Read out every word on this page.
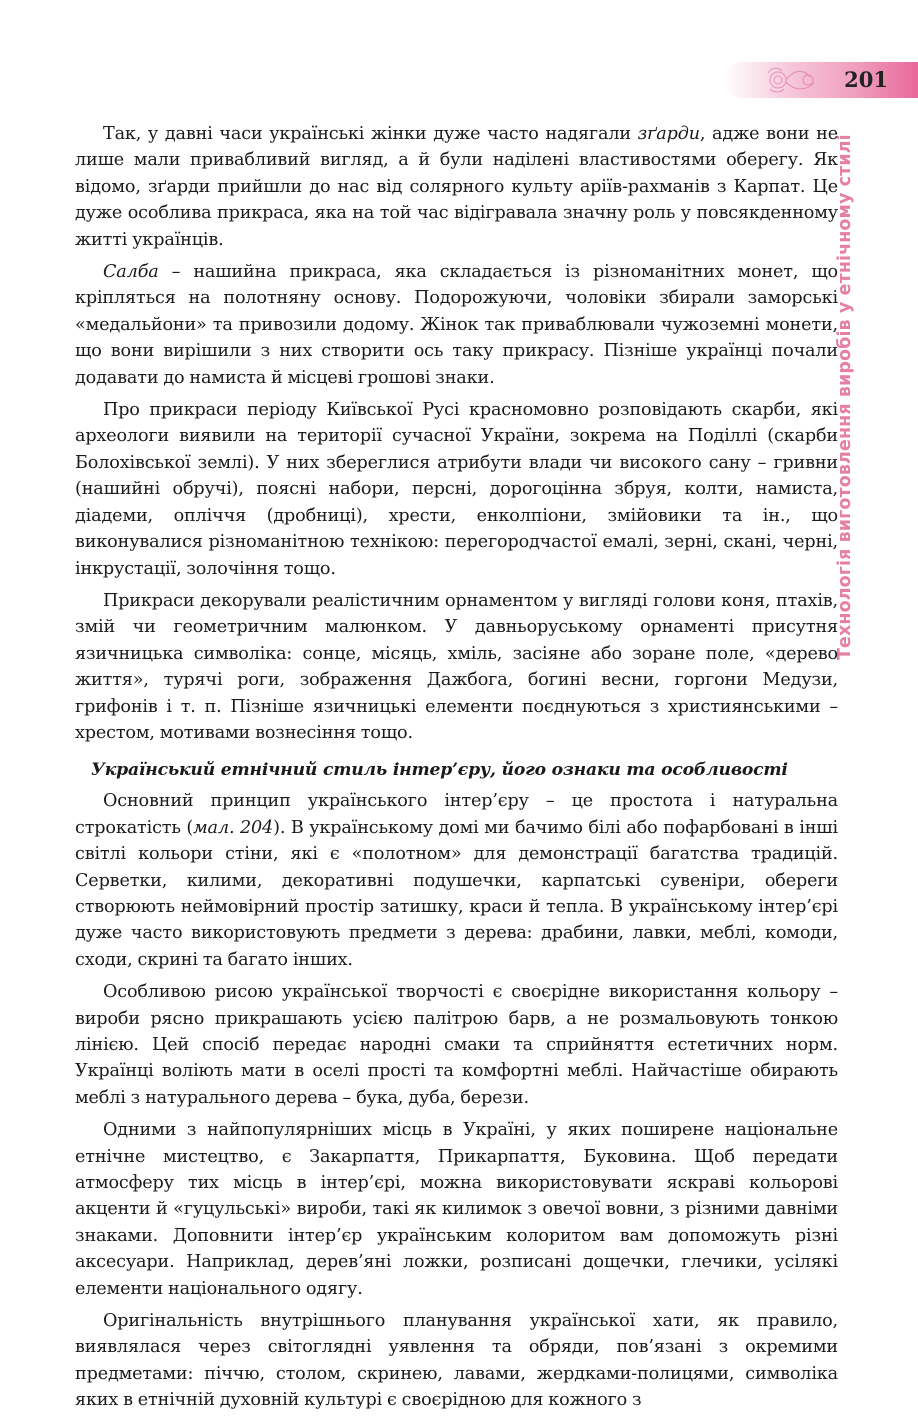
201
Технологія виготовлення виробів у етнічному стилі

Так, у давні часи українські жінки дуже часто надягали зґарди, адже вони не лише мали привабливий вигляд, а й були наділені властивостями оберегу. Як відомо, зґарди прийшли до нас від солярного культу аріїв-рахманів з Карпат. Це дуже особлива прикраса, яка на той час відігравала значну роль у повсякденному житті українців.

Салба – нашийна прикраса, яка складається із різноманітних монет, що кріпляться на полотняну основу. Подорожуючи, чоловіки збирали заморські «медальйони» та привозили додому. Жінок так приваблювали чужоземні монети, що вони вирішили з них створити ось таку прикрасу. Пізніше українці почали додавати до намиста й місцеві грошові знаки.

Про прикраси періоду Київської Русі красномовно розповідають скарби, які археологи виявили на території сучасної України, зокрема на Поділлі (скарби Болохівської землі). У них збереглися атрибути влади чи високого сану – гривни (нашийні обручі), поясні набори, персні, дорогоцінна збруя, колти, намиста, діадеми, опліччя (дробниці), хрести, енколпіони, змійовики та ін., що виконувалися різноманітною технікою: перегородчастої емалі, зерні, скані, черні, інкрустації, золочіння тощо.

Прикраси декорували реалістичним орнаментом у вигляді голови коня, птахів, змій чи геометричним малюнком. У давньоруському орнаменті присутня язичницька символіка: сонце, місяць, хміль, засіяне або зоране поле, «дерево життя», турячі роги, зображення Дажбога, богині весни, горгони Медузи, грифонів і т. п. Пізніше язичницькі елементи поєднуються з християнськими – хрестом, мотивами вознесіння тощо.

Український етнічний стиль інтер’єру, його ознаки та особливості

Основний принцип українського інтер’єру – це простота і натуральна строкатість (мал. 204). В українському домі ми бачимо білі або пофарбовані в інші світлі кольори стіни, які є «полотном» для демонстрації багатства традицій. Серветки, килими, декоративні подушечки, карпатські сувеніри, обереги створюють неймовірний простір затишку, краси й тепла. В українському інтер’єрі дуже часто використовують предмети з дерева: драбини, лавки, меблі, комоди, сходи, скрині та багато інших.

Особливою рисою української творчості є своєрідне використання кольору – вироби рясно прикрашають усією палітрою барв, а не розмальовують тонкою лінією. Цей спосіб передає народні смаки та сприйняття естетичних норм. Українці воліють мати в оселі прості та комфортні меблі. Найчастіше обирають меблі з натурального дерева – бука, дуба, берези.

Одними з найпопулярніших місць в Україні, у яких поширене національне етнічне мистецтво, є Закарпаття, Прикарпаття, Буковина. Щоб передати атмосферу тих місць в інтер’єрі, можна використовувати яскраві кольорові акценти й «гуцульські» вироби, такі як килимок з овечої вовни, з різними давніми знаками. Доповнити інтер’єр українським колоритом вам допоможуть різні аксесуари. Наприклад, дерев’яні ложки, розписані дощечки, глечики, усілякі елементи національного одягу.

Оригінальність внутрішнього планування української хати, як правило, виявлялася через світоглядні уявлення та обряди, пов’язані з окремими предметами: піччю, столом, скринею, лавами, жердками-полицями, символіка яких в етнічній духовній культурі є своєрідною для кожного з
